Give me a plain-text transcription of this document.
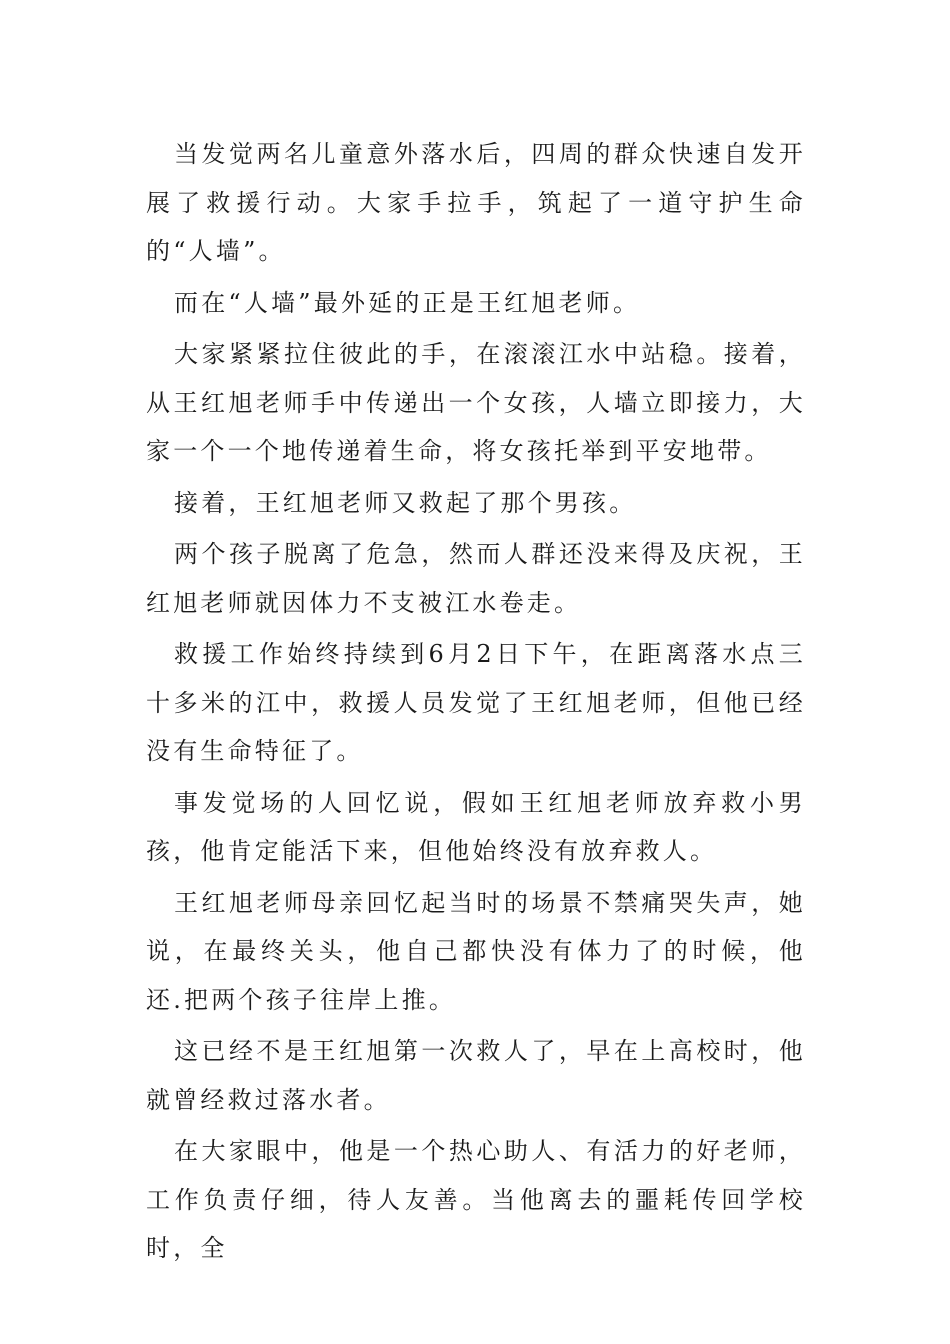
当发觉两名儿童意外落水后，四周的群众快速自发开展了救援行动。大家手拉手，筑起了一道守护生命的“人墙”。

而在“人墙”最外延的正是王红旭老师。

大家紧紧拉住彼此的手，在滚滚江水中站稳。接着，从王红旭老师手中传递出一个女孩，人墙立即接力，大家一个一个地传递着生命，将女孩托举到平安地带。

接着，王红旭老师又救起了那个男孩。

两个孩子脱离了危急，然而人群还没来得及庆祝，王红旭老师就因体力不支被江水卷走。

救援工作始终持续到6月2日下午，在距离落水点三十多米的江中，救援人员发觉了王红旭老师，但他已经没有生命特征了。

事发觉场的人回忆说，假如王红旭老师放弃救小男孩，他肯定能活下来，但他始终没有放弃救人。

王红旭老师母亲回忆起当时的场景不禁痛哭失声，她说，在最终关头，他自己都快没有体力了的时候，他还.把两个孩子往岸上推。

这已经不是王红旭第一次救人了，早在上高校时，他就曾经救过落水者。

在大家眼中，他是一个热心助人、有活力的好老师，工作负责仔细，待人友善。当他离去的噩耗传回学校时，全
